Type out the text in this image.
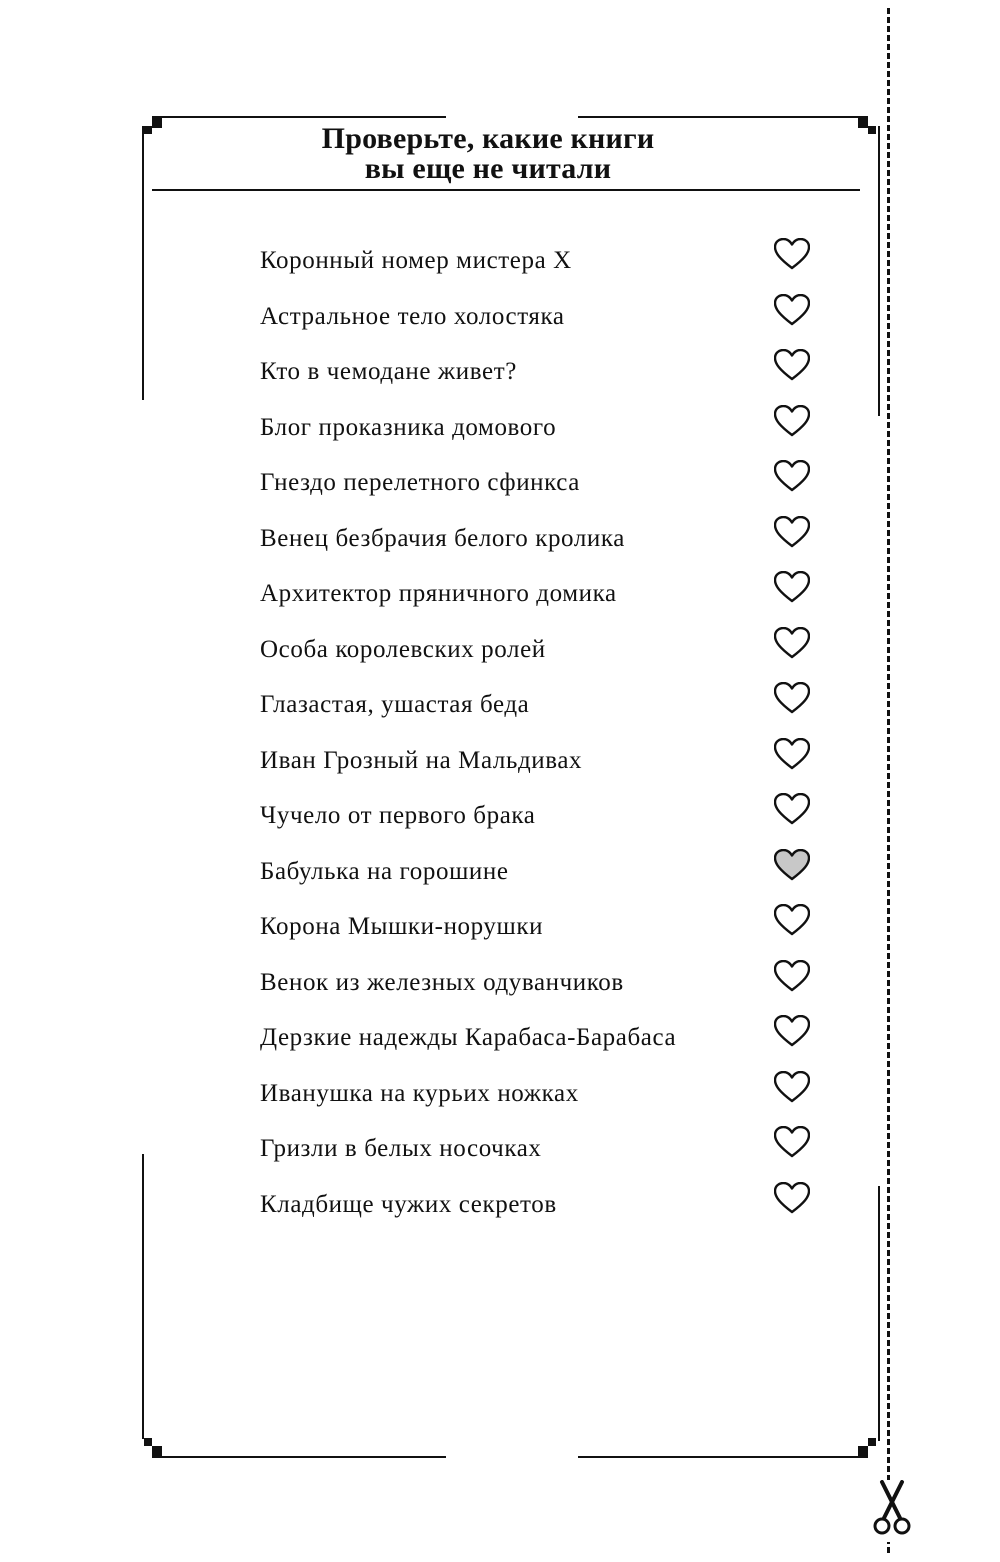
Проверьте, какие книги
вы еще не читали
Коронный номер мистера Х
Астральное тело холостяка
Кто в чемодане живет?
Блог проказника домового
Гнездо перелетного сфинкса
Венец безбрачия белого кролика
Архитектор пряничного домика
Особа королевских ролей
Глазастая, ушастая беда
Иван Грозный на Мальдивах
Чучело от первого брака
Бабулька на горошине
Корона Мышки-норушки
Венок из железных одуванчиков
Дерзкие надежды Карабаса-Барабаса
Иванушка на курьих ножках
Гризли в белых носочках
Кладбище чужих секретов
